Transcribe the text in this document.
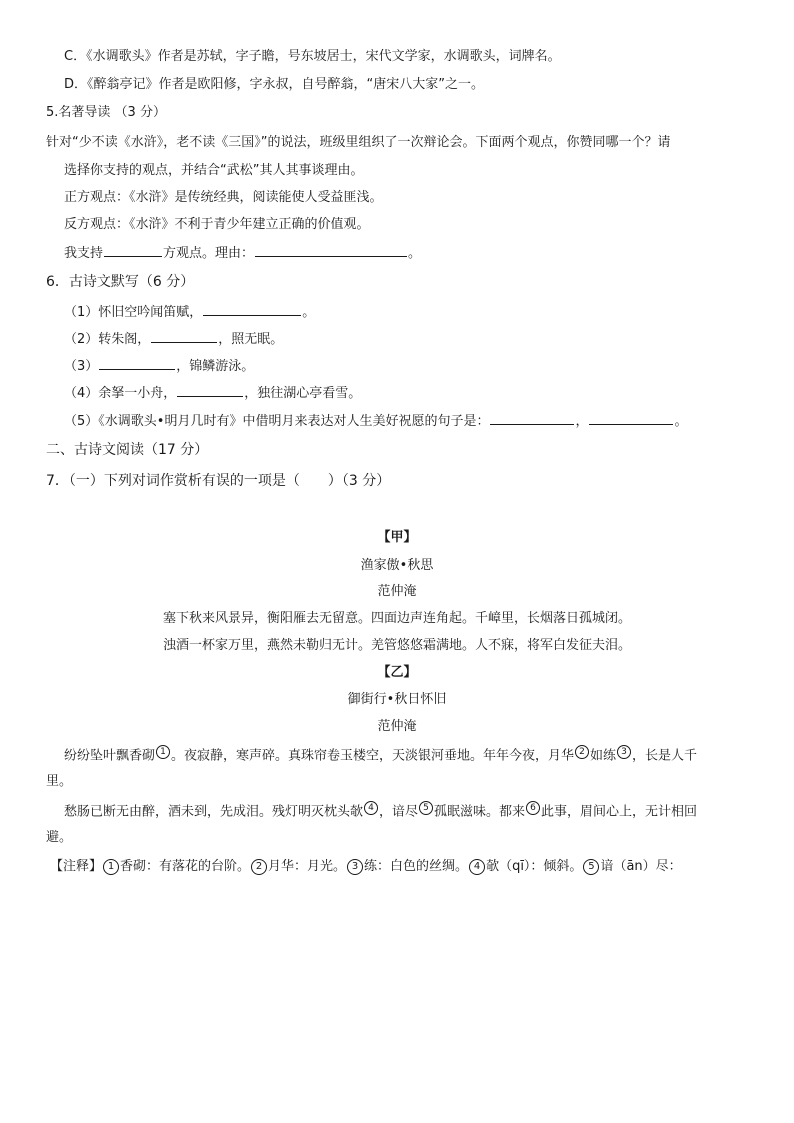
C．《水调歌头》作者是苏轼，字子瞻，号东坡居士，宋代文学家，水调歌头，词牌名。
D．《醉翁亭记》作者是欧阳修，字永叔，自号醉翁，“唐宋八大家”之一。
5.名著导读 （3 分）
针对“少不读《水浒》，老不读《三国》”的说法，班级里组织了一次辩论会。下面两个观点，你赞同哪一个？请
选择你支持的观点，并结合“武松”其人其事谈理由。
正方观点：《水浒》是传统经典，阅读能使人受益匪浅。
反方观点：《水浒》不利于青少年建立正确的价值观。
我支持	方观点。理由：	。
6．古诗文默写（6 分）
（1）怀旧空吟闻笛赋，	。
（2）转朱阁，	，照无眠。
（3）	，锦鳞游泳。
（4）余拏一小舟，	，独往湖心亭看雪。
（5）《水调歌头•明月几时有》中借明月来表达对人生美好祝愿的句子是：	，	。
二、古诗文阅读（17 分）
7．（一）下列对词作赏析有误的一项是（　　）（3 分）
【甲】
渔家傲•秋思
范仲淹
塞下秋来风景异，衡阳雁去无留意。四面边声连角起。千嶂里，长烟落日孤城闭。
浊酒一杯家万里，燕然未勒归无计。羌管悠悠霜满地。人不寐，将军白发征夫泪。
【乙】
御街行•秋日怀旧
范仲淹
纷纷坠叶飘香砌 1 。夜寂静，寒声碎。真珠帘卷玉楼空，天淡银河垂地。年年今夜，月华 2 如练 3 ，长是人千
里。
愁肠已断无由醉，酒未到，先成泪。残灯明灭枕头欹 4 ，谙尽 5 孤眠滋味。都来 6 此事，眉间心上，无计相回
避。
【注释】 1 香砌：有落花的台阶。 2 月华：月光。 3 练：白色的丝绸。 4 欹（qī）：倾斜。 5 谙（ān）尽：
